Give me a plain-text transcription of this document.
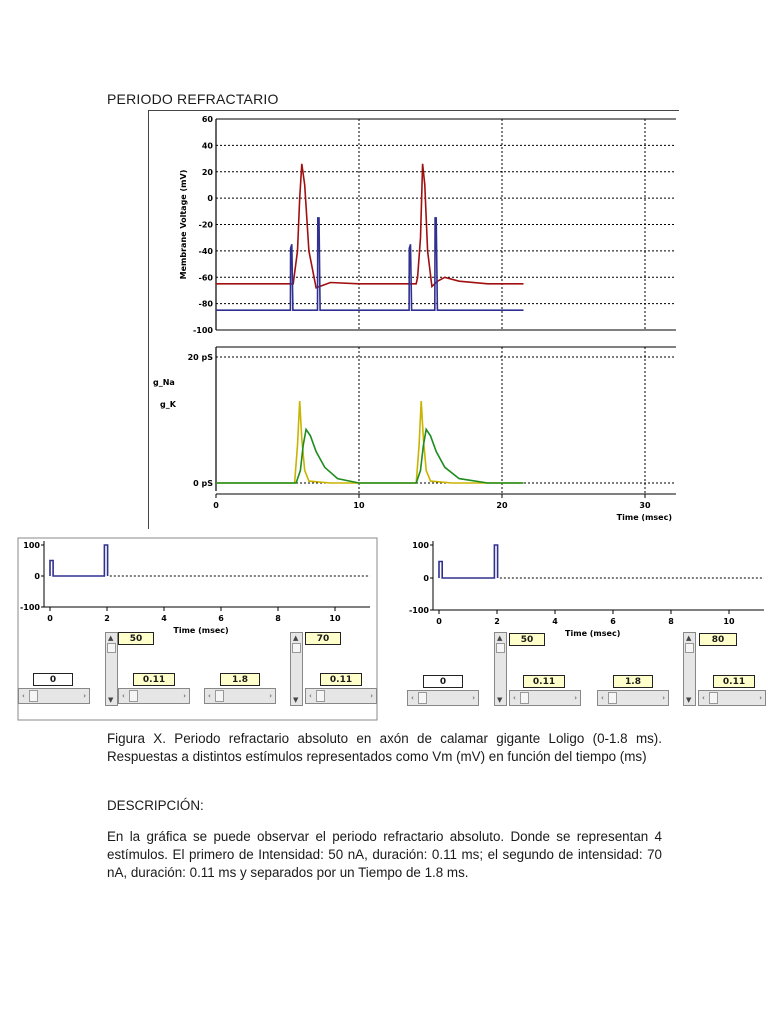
PERIODO REFRACTARIO
60
40
20
0
-20
-40
-60
-80
-100
Membrane Voltage (mV)
20 pS
0 pS
0	10	20	30
Time (msec)
g_Na
g_K
100
0
-100
0	2	4	6	8	10
Time (msec)
100
0
-100
0	2	4	6	8	10
Time (msec)
▲
▼
50	▲
▼
70
0
‹	›
0.11
‹	›
1.8
‹	›
0.11
‹	›
▲
▼
50	▲
▼
80
0
‹	›
0.11
‹	›
1.8
‹	›
0.11
‹	›
Figura X. Periodo refractario absoluto en axón de calamar gigante Loligo (0-1.8 ms). Respuestas a distintos estímulos representados como Vm (mV) en función del tiempo (ms)
DESCRIPCIÓN:
En la gráfica se puede observar el periodo refractario absoluto. Donde se representan 4 estímulos. El primero de Intensidad: 50 nA, duración: 0.11 ms; el segundo de intensidad: 70 nA, duración: 0.11 ms y separados por un Tiempo de 1.8 ms.
